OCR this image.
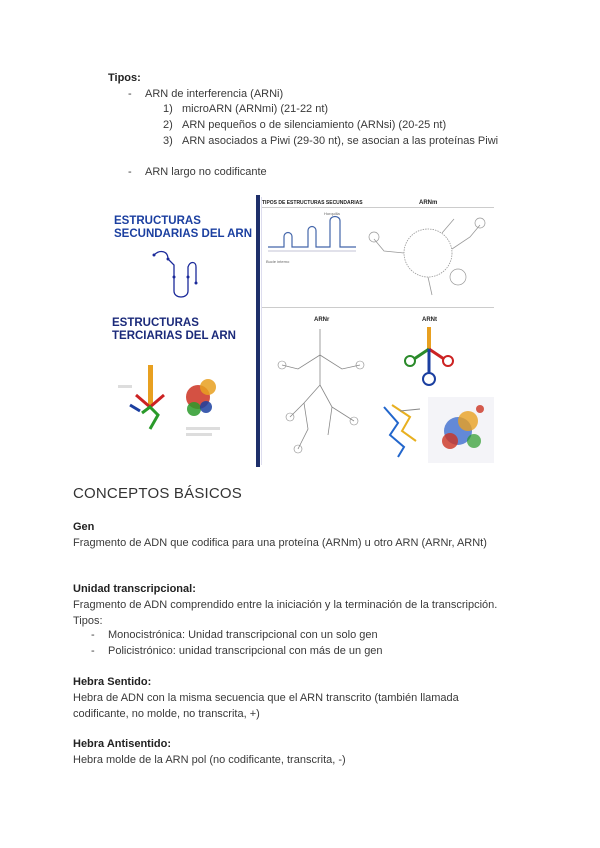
Tipos:
- ARN de interferencia (ARNi)
1) microARN (ARNmi) (21-22 nt)
2) ARN pequeños o de silenciamiento (ARNsi) (20-25 nt)
3) ARN asociados a Piwi (29-30 nt), se asocian a las proteínas Piwi
- ARN largo no codificante
ESTRUCTURAS
SECUNDARIAS DEL ARN
ESTRUCTURAS
TERCIARIAS DEL ARN
TIPOS DE ESTRUCTURAS SECUNDARIAS	ARNm
Horquilla
Bucle interno
ARNr	ARNt
CONCEPTOS BÁSICOS
Gen
Fragmento de ADN que codifica para una proteína (ARNm) u otro ARN (ARNr, ARNt)
Unidad transcripcional:
Fragmento de ADN comprendido entre la iniciación y la terminación de la transcripción. Tipos:
- Monocistrónica: Unidad transcripcional con un solo gen
- Policistrónico: unidad transcripcional con más de un gen
Hebra Sentido:
Hebra de ADN con la misma secuencia que el ARN transcrito (también llamada codificante, no molde, no transcrita, +)
Hebra Antisentido:
Hebra molde de la ARN pol (no codificante, transcrita, -)
